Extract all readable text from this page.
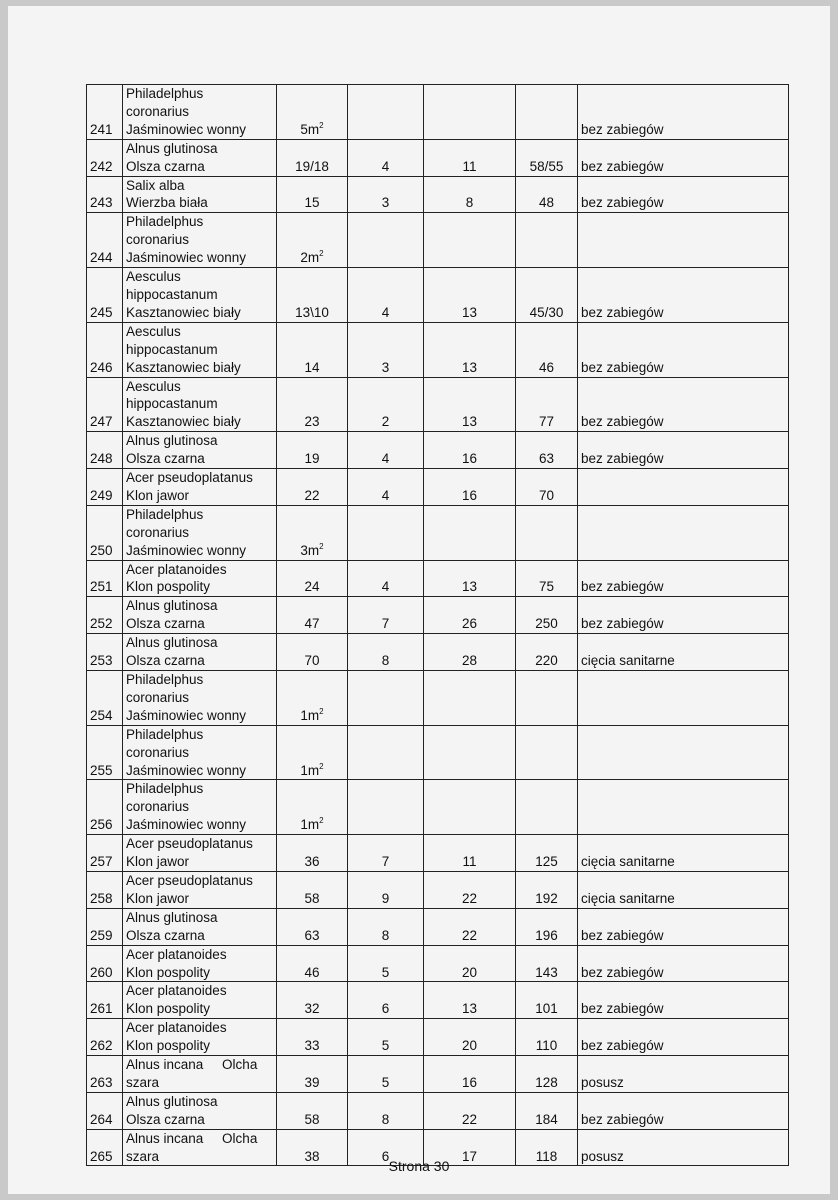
241	Philadelphus
coronarius
Jaśminowiec wonny	$5m^2$				bez zabiegów
242	Alnus glutinosa
Olsza czarna	19/18	4	11	58/55	bez zabiegów
243	Salix alba
Wierzba biała	15	3	8	48	bez zabiegów
244	Philadelphus
coronarius
Jaśminowiec wonny	$2m^2$				
245	Aesculus
hippocastanum
Kasztanowiec biały	13\10	4	13	45/30	bez zabiegów
246	Aesculus
hippocastanum
Kasztanowiec biały	14	3	13	46	bez zabiegów
247	Aesculus
hippocastanum
Kasztanowiec biały	23	2	13	77	bez zabiegów
248	Alnus glutinosa
Olsza czarna	19	4	16	63	bez zabiegów
249	Acer pseudoplatanus
Klon jawor	22	4	16	70	
250	Philadelphus
coronarius
Jaśminowiec wonny	$3m^2$				
251	Acer platanoides
Klon pospolity	24	4	13	75	bez zabiegów
252	Alnus glutinosa
Olsza czarna	47	7	26	250	bez zabiegów
253	Alnus glutinosa
Olsza czarna	70	8	28	220	cięcia sanitarne
254	Philadelphus
coronarius
Jaśminowiec wonny	$1m^2$				
255	Philadelphus
coronarius
Jaśminowiec wonny	$1m^2$				
256	Philadelphus
coronarius
Jaśminowiec wonny	$1m^2$				
257	Acer pseudoplatanus
Klon jawor	36	7	11	125	cięcia sanitarne
258	Acer pseudoplatanus
Klon jawor	58	9	22	192	cięcia sanitarne
259	Alnus glutinosa
Olsza czarna	63	8	22	196	bez zabiegów
260	Acer platanoides
Klon pospolity	46	5	20	143	bez zabiegów
261	Acer platanoides
Klon pospolity	32	6	13	101	bez zabiegów
262	Acer platanoides
Klon pospolity	33	5	20	110	bez zabiegów
263	Alnus incana     Olcha
szara	39	5	16	128	posusz
264	Alnus glutinosa
Olsza czarna	58	8	22	184	bez zabiegów
265	Alnus incana     Olcha
szara	38	6	17	118	posusz
Strona 30
